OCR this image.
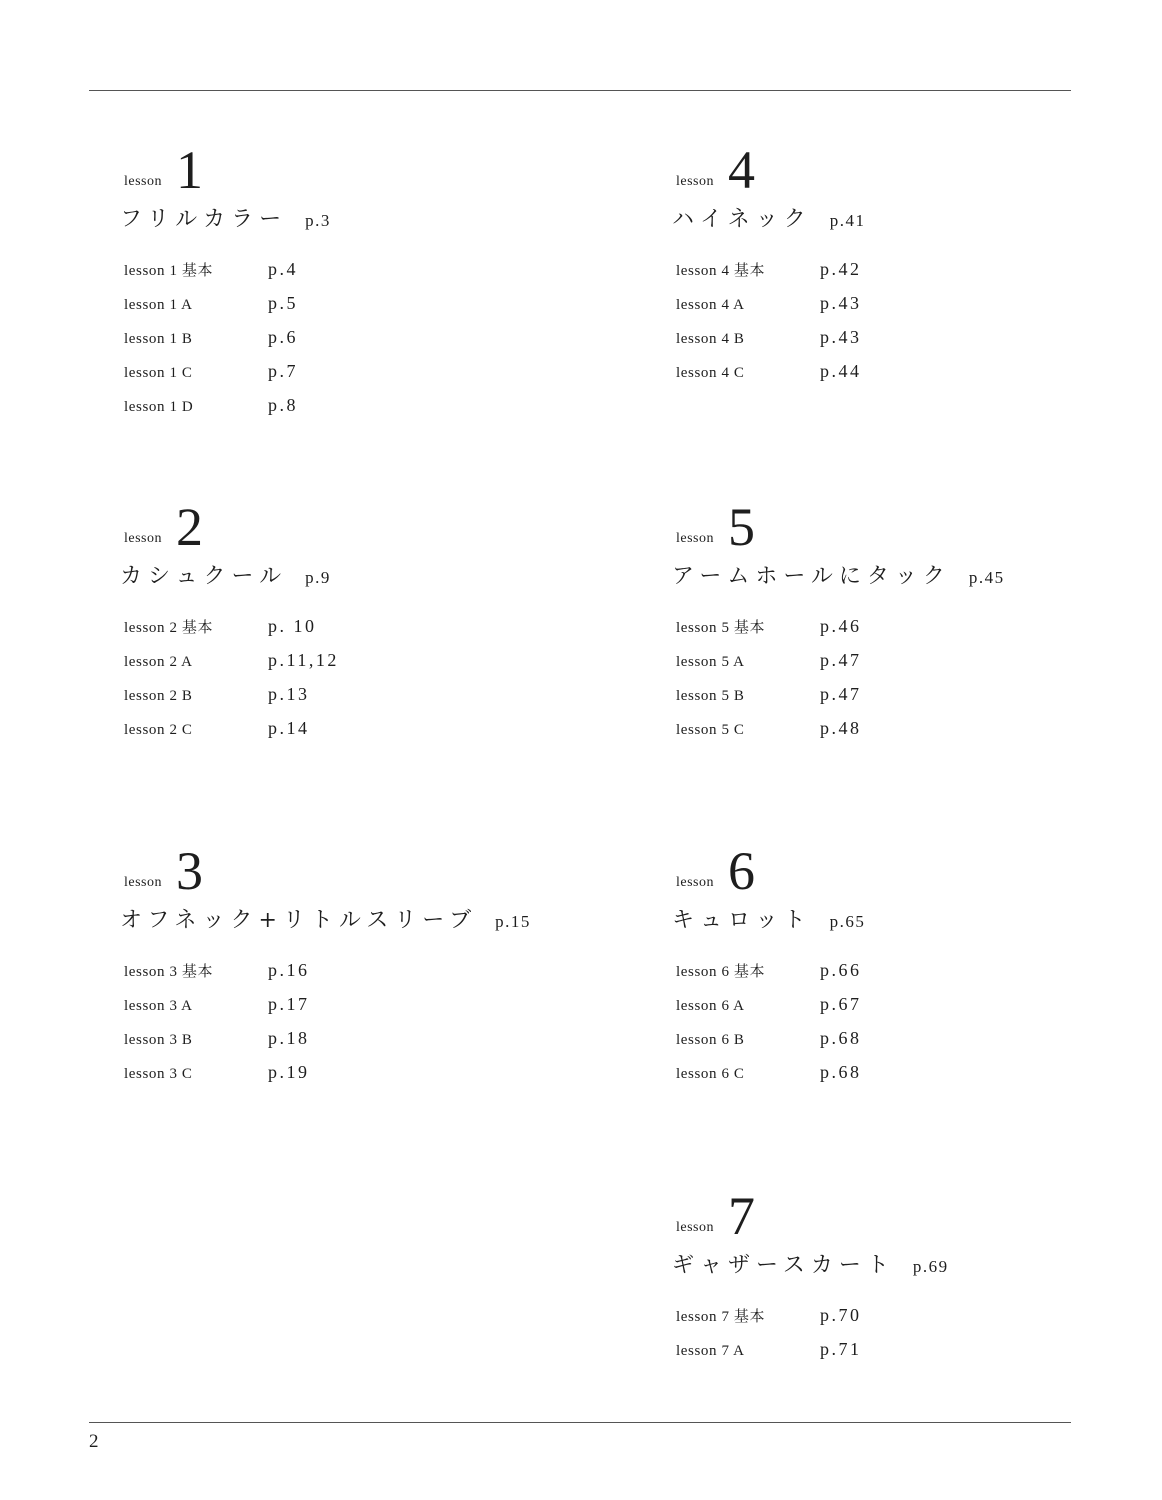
lesson 1
フリルカラー p.3
lesson 1 基本	p.4
lesson 1 A	p.5
lesson 1 B	p.6
lesson 1 C	p.7
lesson 1 D	p.8
lesson 2
カシュクール p.9
lesson 2 基本	p. 10
lesson 2 A	p.11,12
lesson 2 B	p.13
lesson 2 C	p.14
lesson 3
オフネック+リトルスリーブ p.15
lesson 3 基本	p.16
lesson 3 A	p.17
lesson 3 B	p.18
lesson 3 C	p.19
lesson 4
ハイネック p.41
lesson 4 基本	p.42
lesson 4 A	p.43
lesson 4 B	p.43
lesson 4 C	p.44
lesson 5
アームホールにタック p.45
lesson 5 基本	p.46
lesson 5 A	p.47
lesson 5 B	p.47
lesson 5 C	p.48
lesson 6
キュロット p.65
lesson 6 基本	p.66
lesson 6 A	p.67
lesson 6 B	p.68
lesson 6 C	p.68
lesson 7
ギャザースカート p.69
lesson 7 基本	p.70
lesson 7 A	p.71
2
